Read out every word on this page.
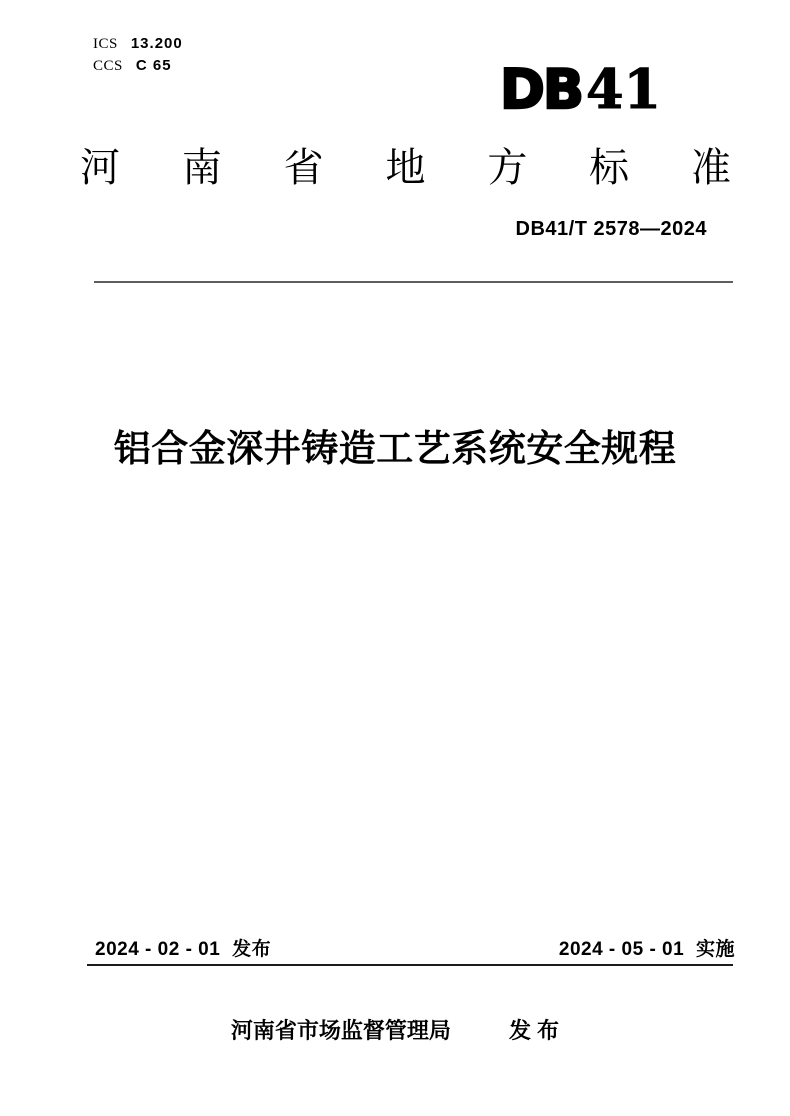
ICS 13.200
CCS C 65	DB41
河 南 省 地 方 标 准
DB41/T 2578—2024
铝合金深井铸造工艺系统安全规程
2024 - 02 - 01 发布	2024 - 05 - 01 实施
河南省市场监督管理局	发 布
